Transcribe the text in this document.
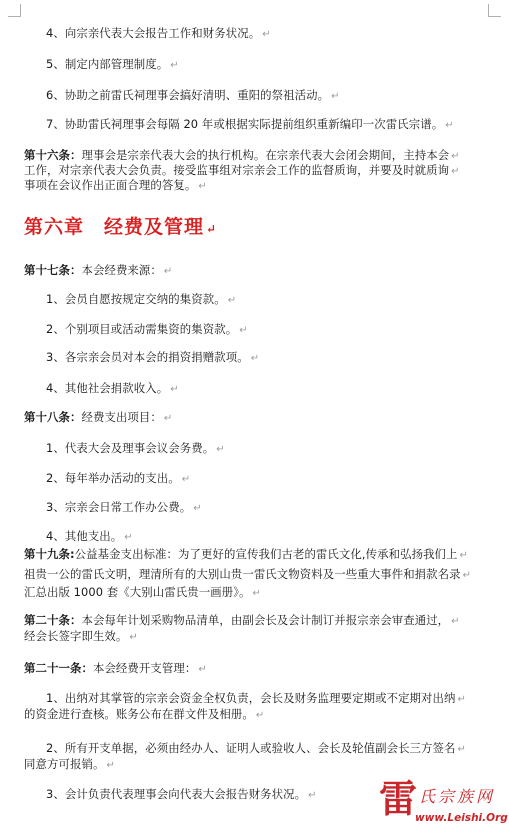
4、向宗亲代表大会报告工作和财务状况。 ↵
5、制定内部管理制度。 ↵
6、协助之前雷氏祠理事会搞好清明、重阳的祭祖活动。 ↵
7、协助雷氏祠理事会每隔 20 年或根据实际提前组织重新编印一次雷氏宗谱。 ↵
第十六条：理事会是宗亲代表大会的执行机构。在宗亲代表大会闭会期间，主持本会 ↵
工作，对宗亲代表大会负责。接受监事组对宗亲会工作的监督质询，并要及时就质询 ↵
事项在会议作出正面合理的答复。 ↵
第十七条：本会经费来源： ↵
1、会员自愿按规定交纳的集资款。 ↵
2、个别项目或活动需集资的集资款。 ↵
3、各宗亲会员对本会的捐资捐赠款项。 ↵
4、其他社会捐款收入。 ↵
第十八条：经费支出项目： ↵
1、代表大会及理事会议会务费。 ↵
2、每年举办活动的支出。 ↵
3、宗亲会日常工作办公费。 ↵
4、其他支出。 ↵
第十九条:公益基金支出标准：为了更好的宣传我们古老的雷氏文化,传承和弘扬我们上 ↵
祖贵一公的雷氏文明，理清所有的大别山贵一雷氏文物资料及一些重大事件和捐款名录 ↵
汇总出版 1000 套《大别山雷氏贵一画册》。 ↵
第二十条：本会每年计划采购物品清单，由副会长及会计制订并报宗亲会审查通过， ↵
经会长签字即生效。 ↵
第二十一条：本会经费开支管理： ↵
1、出纳对其掌管的宗亲会资金全权负责，会长及财务监理要定期或不定期对出纳 ↵
的资金进行查核。账务公布在群文件及相册。 ↵
2、所有开支单据，必须由经办人、证明人或验收人、会长及轮值副会长三方签名 ↵
同意方可报销。 ↵
3、会计负责代表理事会向代表大会报告财务状况。 ↵
第六章　经费及管理 ↵
雷 氏宗族网
www.Leishi.Org
